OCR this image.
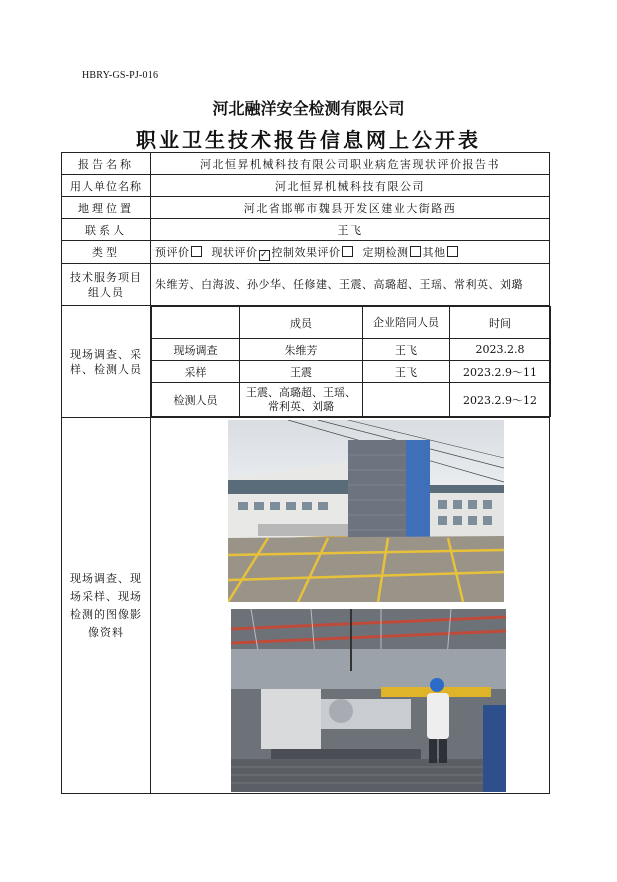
HBRY-GS-PJ-016
河北融洋安全检测有限公司
职业卫生技术报告信息网上公开表
报告名称	河北恒昇机械科技有限公司职业病危害现状评价报告书
用人单位名称	河北恒昇机械科技有限公司
地理位置	河北省邯郸市魏县开发区建业大街路西
联系人	王飞
类型	预评价 现状评价 ✓ 控制效果评价 定期检测 其他
技术服务项目组人员	朱维芳、白海波、孙少华、任修建、王震、高璐超、王瑶、常利英、刘璐
现场调查、采样、检测人员	
	成员	企业陪同人员	时间
现场调查	朱维芳	王飞	2023.2.8
采样	王震	王飞	2023.2.9～11
检测人员	王震、高璐超、王瑶、常利英、刘璐		2023.2.9～12

现场调查、现场采样、现场检测的图像影像资料	
